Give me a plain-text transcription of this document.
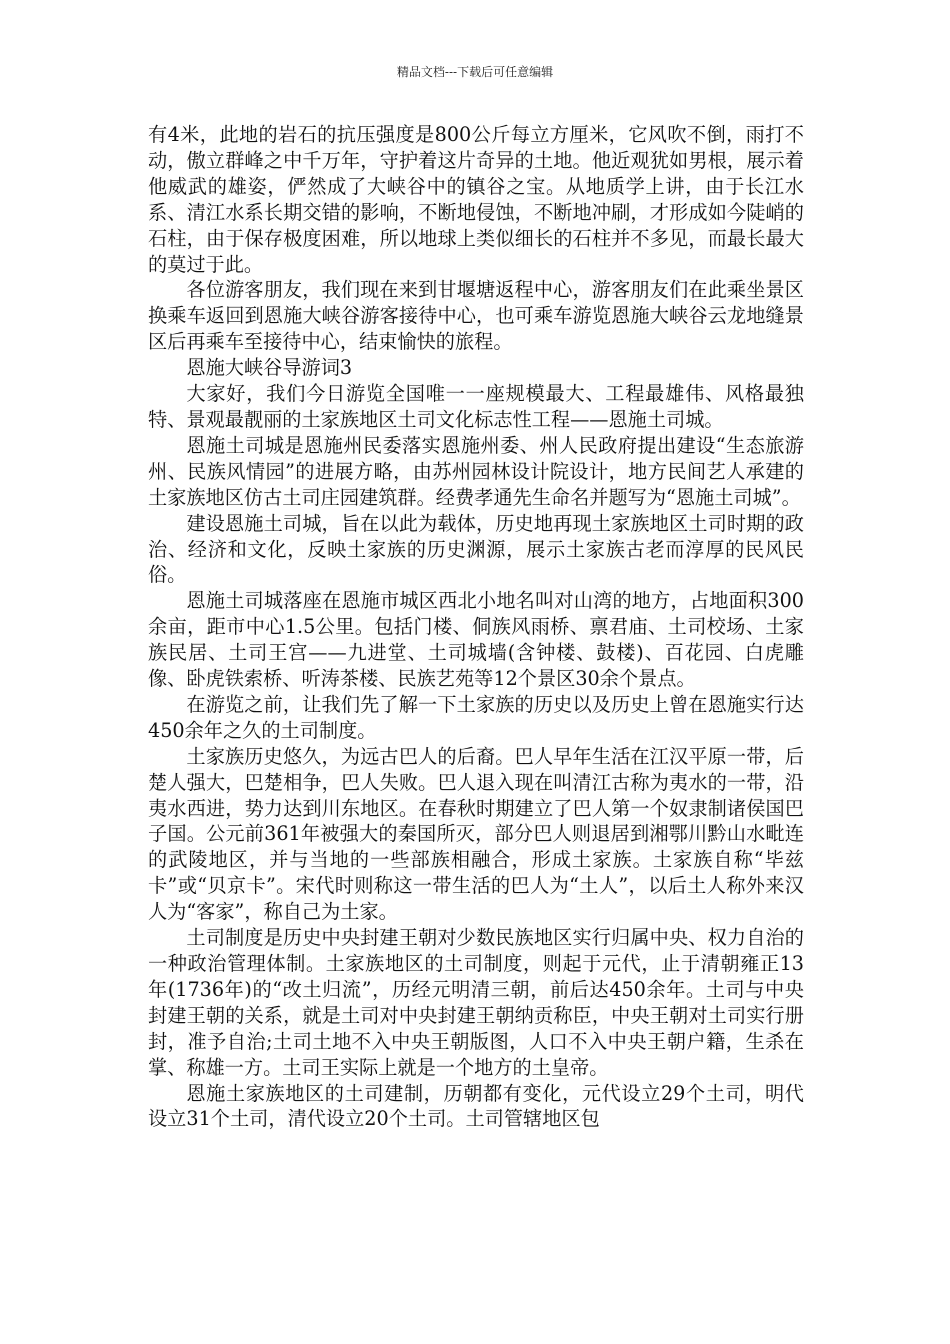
精品文档---下载后可任意编辑

有4米，此地的岩石的抗压强度是800公斤每立方厘米，它风吹不倒，雨打不动，傲立群峰之中千万年，守护着这片奇异的土地。他近观犹如男根，展示着他威武的雄姿，俨然成了大峡谷中的镇谷之宝。从地质学上讲，由于长江水系、清江水系长期交错的影响，不断地侵蚀，不断地冲刷，才形成如今陡峭的石柱，由于保存极度困难，所以地球上类似细长的石柱并不多见，而最长最大的莫过于此。

各位游客朋友，我们现在来到甘堰塘返程中心，游客朋友们在此乘坐景区换乘车返回到恩施大峡谷游客接待中心，也可乘车游览恩施大峡谷云龙地缝景区后再乘车至接待中心，结束愉快的旅程。

恩施大峡谷导游词3

大家好，我们今日游览全国唯一一座规模最大、工程最雄伟、风格最独特、景观最靓丽的土家族地区土司文化标志性工程——恩施土司城。

恩施土司城是恩施州民委落实恩施州委、州人民政府提出建设“生态旅游州、民族风情园”的进展方略，由苏州园林设计院设计，地方民间艺人承建的土家族地区仿古土司庄园建筑群。经费孝通先生命名并题写为“恩施土司城”。

建设恩施土司城，旨在以此为载体，历史地再现土家族地区土司时期的政治、经济和文化，反映土家族的历史渊源，展示土家族古老而淳厚的民风民俗。

恩施土司城落座在恩施市城区西北小地名叫对山湾的地方，占地面积300余亩，距市中心1.5公里。包括门楼、侗族风雨桥、禀君庙、土司校场、土家族民居、土司王宫——九进堂、土司城墙(含钟楼、鼓楼)、百花园、白虎雕像、卧虎铁索桥、听涛茶楼、民族艺苑等12个景区30余个景点。

在游览之前，让我们先了解一下土家族的历史以及历史上曾在恩施实行达450余年之久的土司制度。

土家族历史悠久，为远古巴人的后裔。巴人早年生活在江汉平原一带，后楚人强大，巴楚相争，巴人失败。巴人退入现在叫清江古称为夷水的一带，沿夷水西进，势力达到川东地区。在春秋时期建立了巴人第一个奴隶制诸侯国巴子国。公元前361年被强大的秦国所灭，部分巴人则退居到湘鄂川黔山水毗连的武陵地区，并与当地的一些部族相融合，形成土家族。土家族自称“毕兹卡”或“贝京卡”。宋代时则称这一带生活的巴人为“土人”，以后土人称外来汉人为“客家”，称自己为土家。

土司制度是历史中央封建王朝对少数民族地区实行归属中央、权力自治的一种政治管理体制。土家族地区的土司制度，则起于元代，止于清朝雍正13年(1736年)的“改土归流”，历经元明清三朝，前后达450余年。土司与中央封建王朝的关系，就是土司对中央封建王朝纳贡称臣，中央王朝对土司实行册封，准予自治;土司土地不入中央王朝版图，人口不入中央王朝户籍，生杀在掌、称雄一方。土司王实际上就是一个地方的土皇帝。

恩施土家族地区的土司建制，历朝都有变化，元代设立29个土司，明代设立31个土司，清代设立20个土司。土司管辖地区包
